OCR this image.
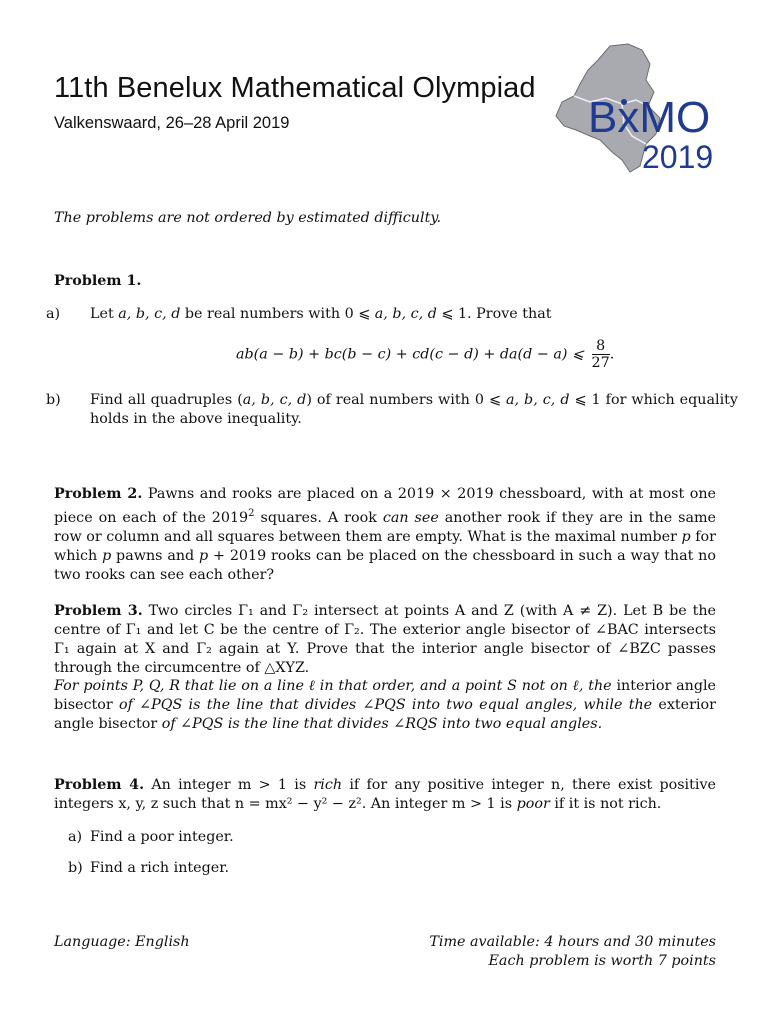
11th Benelux Mathematical Olympiad
Valkenswaard, 26–28 April 2019	BxMO
2019
The problems are not ordered by estimated difficulty.
Problem 1.
a) Let a, b, c, d be real numbers with 0 ⩽ a, b, c, d ⩽ 1. Prove that
ab(a − b) + bc(b − c) + cd(c − d) + da(d − a) ⩽ $\frac{8}{27}$ .
b) Find all quadruples (a, b, c, d) of real numbers with 0 ⩽ a, b, c, d ⩽ 1 for which equality holds in the above inequality.
Problem 2. Pawns and rooks are placed on a 2019 × 2019 chessboard, with at most one piece on each of the 2019$^2$ squares. A rook can see another rook if they are in the same row or column and all squares between them are empty. What is the maximal number p for which p pawns and p + 2019 rooks can be placed on the chessboard in such a way that no two rooks can see each other?
Problem 3. Two circles Γ₁ and Γ₂ intersect at points A and Z (with A ≠ Z). Let B be the centre of Γ₁ and let C be the centre of Γ₂. The exterior angle bisector of ∠BAC intersects Γ₁ again at X and Γ₂ again at Y. Prove that the interior angle bisector of ∠BZC passes through the circumcentre of △XYZ.
For points P, Q, R that lie on a line ℓ in that order, and a point S not on ℓ, the interior angle bisector of ∠PQS is the line that divides ∠PQS into two equal angles, while the exterior angle bisector of ∠PQS is the line that divides ∠RQS into two equal angles.
Problem 4. An integer m > 1 is rich if for any positive integer n, there exist positive integers x, y, z such that n = mx² − y² − z². An integer m > 1 is poor if it is not rich.
a) Find a poor integer.
b) Find a rich integer.
Language: English	Time available: 4 hours and 30 minutes
Each problem is worth 7 points
